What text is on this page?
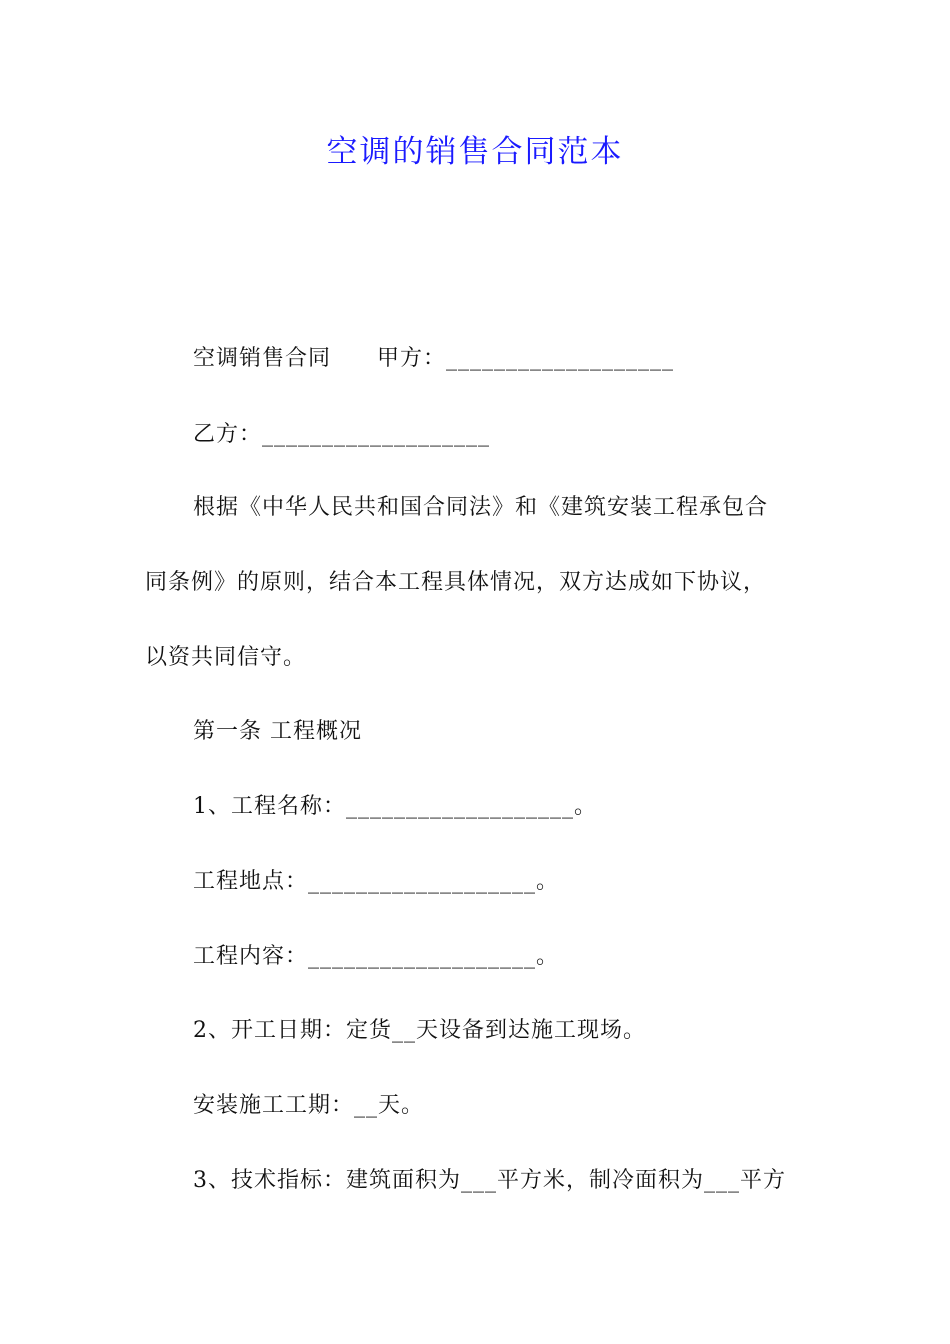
空调的销售合同范本
空调销售合同　　甲方：___________________
乙方：___________________
根据《中华人民共和国合同法》和《建筑安装工程承包合
同条例》的原则，结合本工程具体情况，双方达成如下协议，
以资共同信守。
第一条 工程概况
1、工程名称：___________________。
工程地点：___________________。
工程内容：___________________。
2、开工日期：定货__天设备到达施工现场。
安装施工工期：__天。
3、技术指标：建筑面积为___平方米，制冷面积为___平方
